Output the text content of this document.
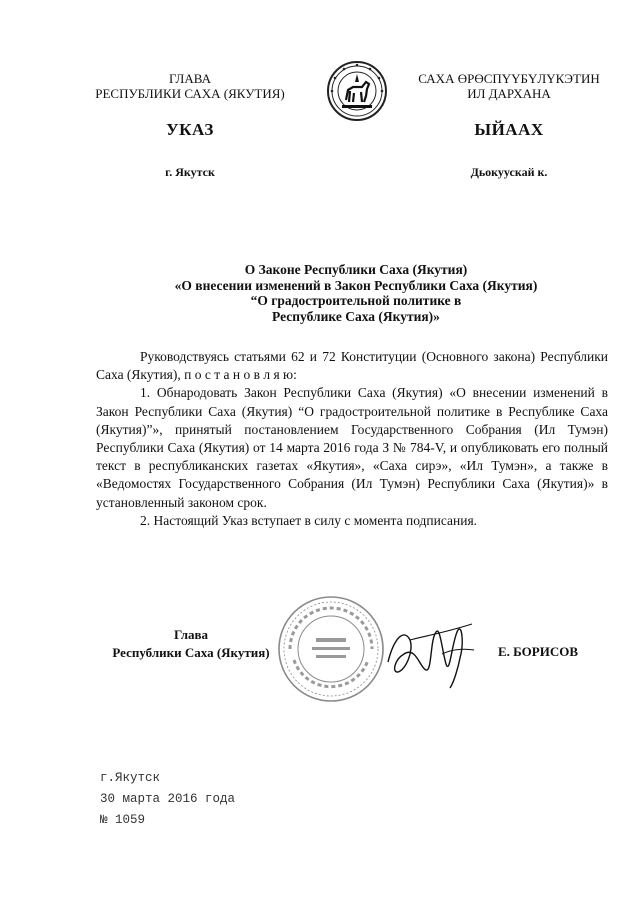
ГЛАВА
РЕСПУБЛИКИ САХА (ЯКУТИЯ)
САХА ӨРӨСПҮҮБҮЛҮКЭТИН
ИЛ ДАРХАНА
УКАЗ	ЫЙААХ
г. Якутск	Дьокуускай к.
О Законе Республики Саха (Якутия)
«О внесении изменений в Закон Республики Саха (Якутия)
“О градостроительной политике в
Республике Саха (Якутия)»

Руководствуясь статьями 62 и 72 Конституции (Основного закона) Республики Саха (Якутия), п о с т а н о в л я ю:

1. Обнародовать Закон Республики Саха (Якутия) «О внесении изменений в Закон Республики Саха (Якутия) “О градостроительной политике в Республике Саха (Якутия)”», принятый постановлением Государственного Собрания (Ил Тумэн) Республики Саха (Якутия) от 14 марта 2016 года З № 784-V, и опубликовать его полный текст в республиканских газетах «Якутия», «Саха сирэ», «Ил Тумэн», а также в «Ведомостях Государственного Собрания (Ил Тумэн) Республики Саха (Якутия)» в установленный законом срок.

2. Настоящий Указ вступает в силу с момента подписания.

Глава
Республики Саха (Якутия)	Е. БОРИСОВ
г.Якутск
30 марта 2016 года
№ 1059
